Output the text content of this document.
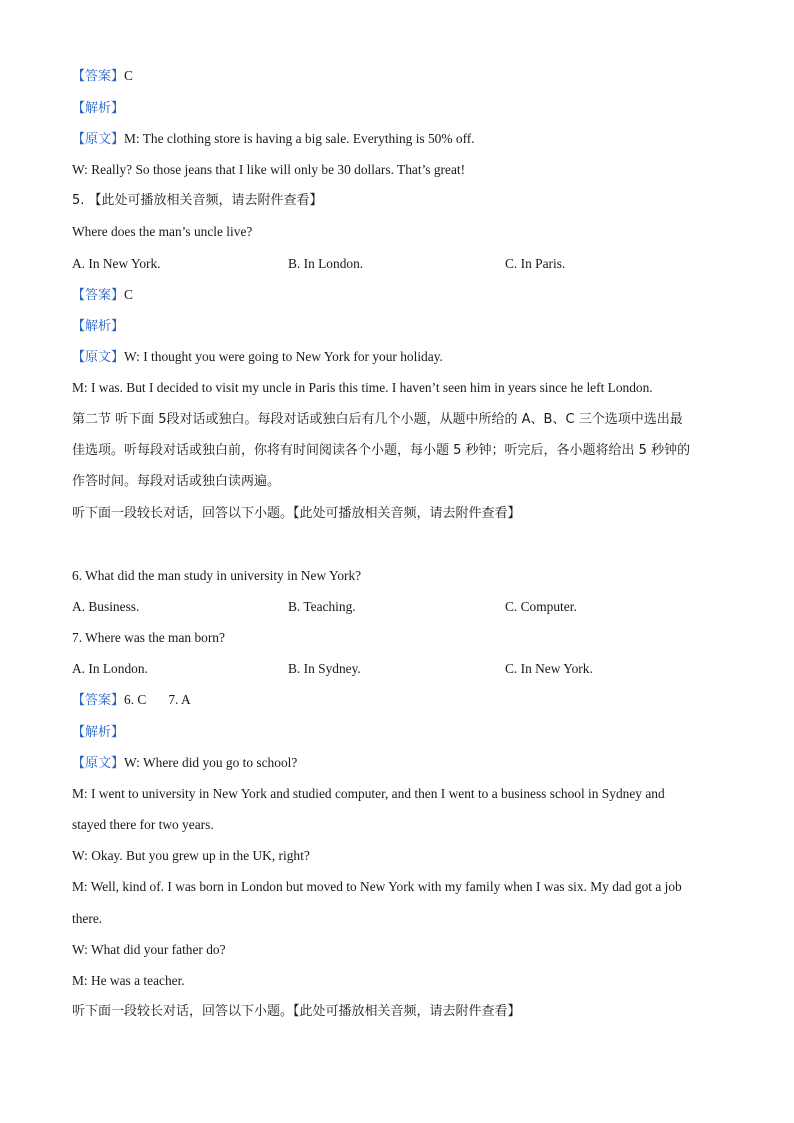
【答案】C
【解析】
【原文】M: The clothing store is having a big sale. Everything is 50% off.
W: Really? So those jeans that I like will only be 30 dollars. That’s great!
5. 【此处可播放相关音频，请去附件查看】
Where does the man’s uncle live?
A. In New York.	B. In London.	C. In Paris.
【答案】C
【解析】
【原文】W: I thought you were going to New York for your holiday.
M: I was. But I decided to visit my uncle in Paris this time. I haven’t seen him in years since he left London.
第二节 听下面 5段对话或独白。每段对话或独白后有几个小题，从题中所给的 A、B、C 三个选项中选出最
佳选项。听每段对话或独白前，你将有时间阅读各个小题，每小题 5 秒钟；听完后，各小题将给出 5 秒钟的
作答时间。每段对话或独白读两遍。
听下面一段较长对话，回答以下小题。【此处可播放相关音频，请去附件查看】
6. What did the man study in university in New York?
A. Business.	B. Teaching.	C. Computer.
7. Where was the man born?
A. In London.	B. In Sydney.	C. In New York.
【答案】6. C 7. A
【解析】
【原文】W: Where did you go to school?
M: I went to university in New York and studied computer, and then I went to a business school in Sydney and
stayed there for two years.
W: Okay. But you grew up in the UK, right?
M: Well, kind of. I was born in London but moved to New York with my family when I was six. My dad got a job
there.
W: What did your father do?
M: He was a teacher.
听下面一段较长对话，回答以下小题。【此处可播放相关音频，请去附件查看】
